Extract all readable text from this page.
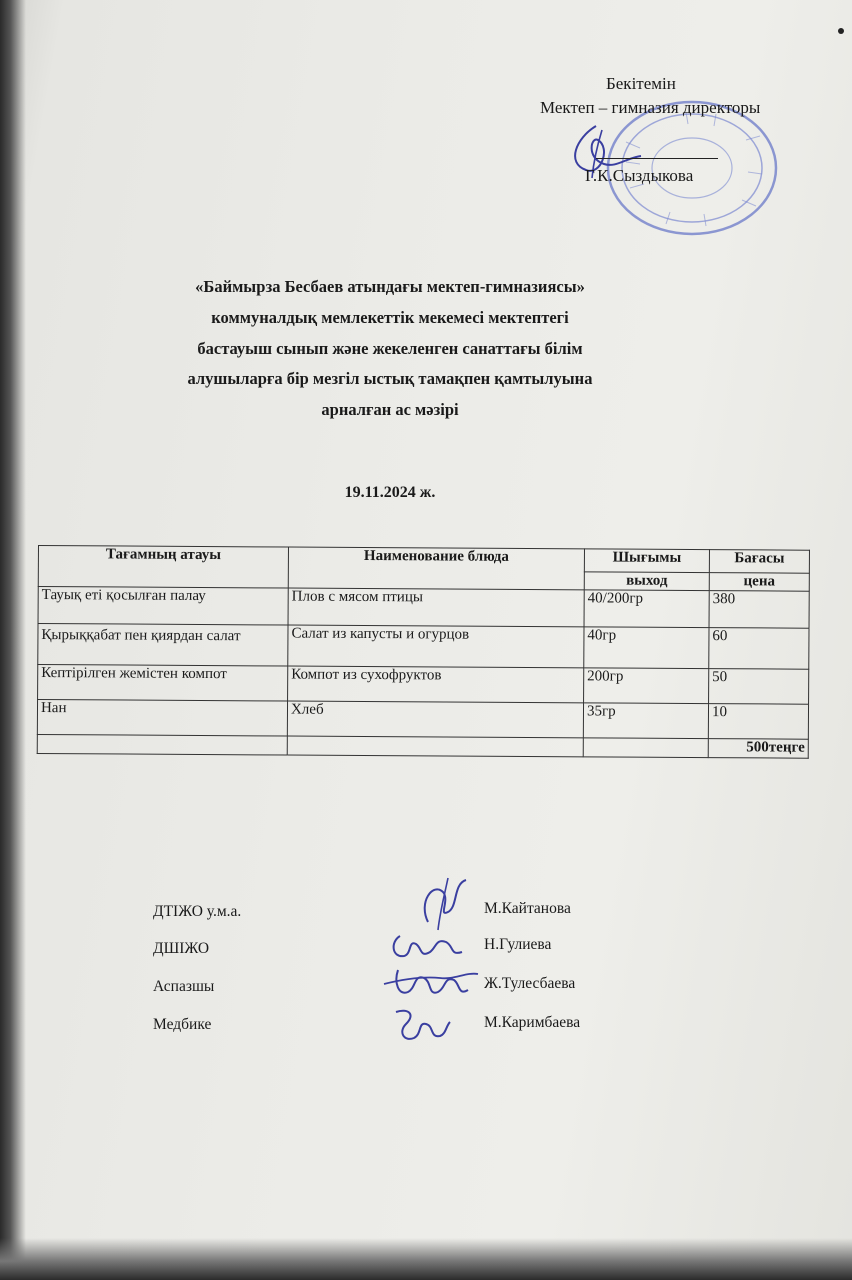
Бекітемін
Мектеп – гимназия директоры
Г.К.Сыздыкова
«Баймырза Бесбаев атындағы мектеп-гимназиясы»
коммуналдық мемлекеттік мекемесі мектептегі
бастауыш сынып және жекеленген санаттағы білім
алушыларға бір мезгіл ыстық тамақпен қамтылуына
арналған ас мәзірі
19.11.2024 ж.
Тағамның атауы	Наименование блюда	Шығымы	Бағасы
		выход	цена
Тауық еті қосылған палау	Плов с мясом птицы	40/200гр	380
Қырыққабат пен қиярдан салат	Салат из капусты и огурцов	40гр	60
Кептірілген жемістен компот	Компот из сухофруктов	200гр	50
Нан	Хлеб	35гр	10
			500теңге
ДТІЖО у.м.а.	М.Кайтанова
ДШІЖО	Н.Гулиева
Аспазшы	Ж.Тулесбаева
Медбике	М.Каримбаева
